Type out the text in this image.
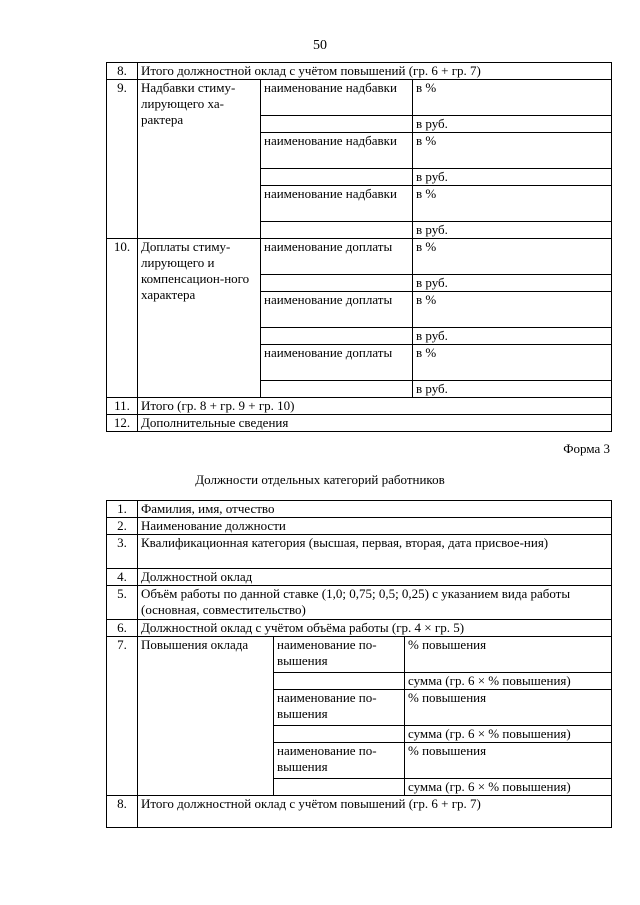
50
8.	Итого должностной оклад с учётом повышений (гр. 6 + гр. 7)		
9.	Надбавки стиму-лирующего ха-рактера	наименование надбавки	в %
			в руб.
		наименование надбавки	в %
			в руб.
		наименование надбавки	в %
			в руб.
10.	Доплаты стиму-лирующего и компенсацион-ного характера	наименование доплаты	в %
			в руб.
		наименование доплаты	в %
			в руб.
		наименование доплаты	в %
			в руб.
11.	Итого (гр. 8 + гр. 9 + гр. 10)		
12.	Дополнительные сведения		
Форма 3
Должности отдельных категорий работников
1.	Фамилия, имя, отчество		
2.	Наименование должности		
3.	Квалификационная категория (высшая, первая, вторая, дата присвое-ния)		
4.	Должностной оклад		
5.	Объём работы по данной ставке (1,0; 0,75; 0,5; 0,25) с указанием вида работы (основная, совместительство)		
6.	Должностной оклад с учётом объёма работы (гр. 4 × гр. 5)		
7.	Повышения оклада	наименование по-вышения	% повышения
			сумма (гр. 6 × % повышения)
		наименование по-вышения	% повышения
			сумма (гр. 6 × % повышения)
		наименование по-вышения	% повышения
			сумма (гр. 6 × % повышения)
8.	Итого должностной оклад с учётом повышений (гр. 6 + гр. 7)		
